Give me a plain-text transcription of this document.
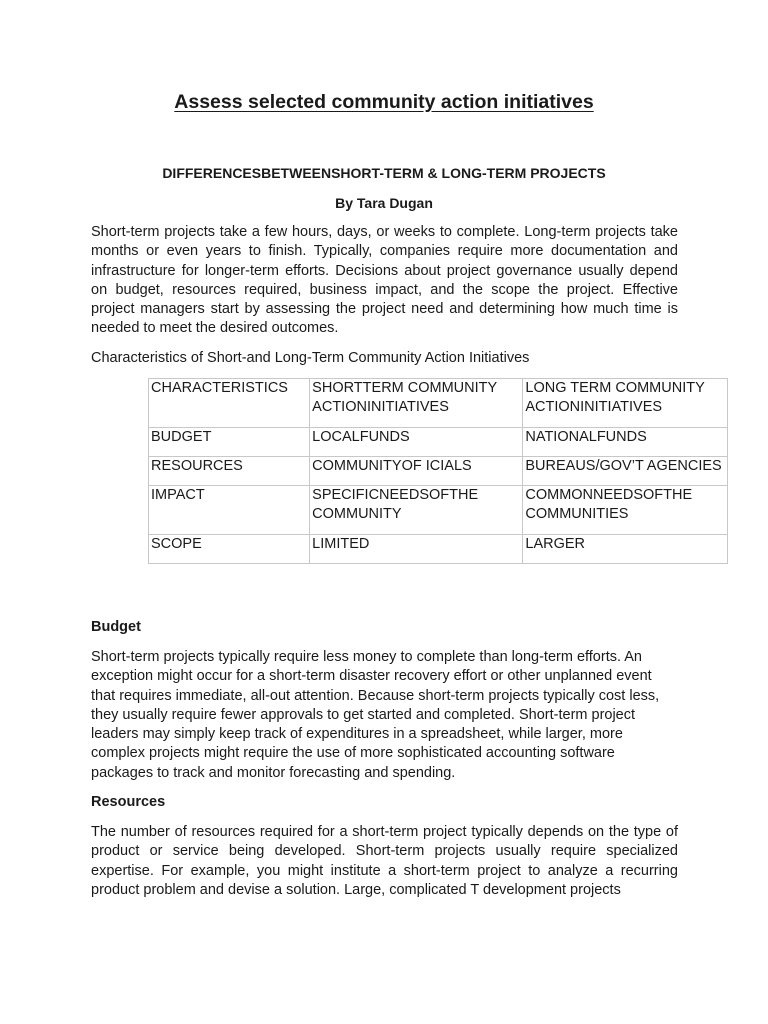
Assess selected community action initiatives
DIFFERENCESBETWEENSHORT-TERM & LONG-TERM PROJECTS
By Tara Dugan

Short-term projects take a few hours, days, or weeks to complete. Long-term projects take months or even years to finish. Typically, companies require more documentation and infrastructure for longer-term efforts. Decisions about project governance usually depend on budget, resources required, business impact, and the scope the project. Effective project managers start by assessing the project need and determining how much time is needed to meet the desired outcomes.

Characteristics of Short-and Long-Term Community Action Initiatives
CHARACTERISTICS	SHORTTERM COMMUNITY ACTIONINITIATIVES	LONG TERM COMMUNITY ACTIONINITIATIVES
BUDGET	LOCALFUNDS	NATIONALFUNDS
RESOURCES	COMMUNITYOF ICIALS	BUREAUS/GOV’T AGENCIES
IMPACT	SPECIFICNEEDSOFTHE COMMUNITY	COMMONNEEDSOFTHE COMMUNITIES
SCOPE	LIMITED	LARGER
Budget

Short-term projects typically require less money to complete than long-term efforts. An exception might occur for a short-term disaster recovery effort or other unplanned event that requires immediate, all-out attention. Because short-term projects typically cost less, they usually require fewer approvals to get started and completed. Short-term project leaders may simply keep track of expenditures in a spreadsheet, while larger, more complex projects might require the use of more sophisticated accounting software packages to track and monitor forecasting and spending.

Resources

The number of resources required for a short-term project typically depends on the type of product or service being developed. Short-term projects usually require specialized expertise. For example, you might institute a short-term project to analyze a recurring product problem and devise a solution. Large, complicated T development projects
